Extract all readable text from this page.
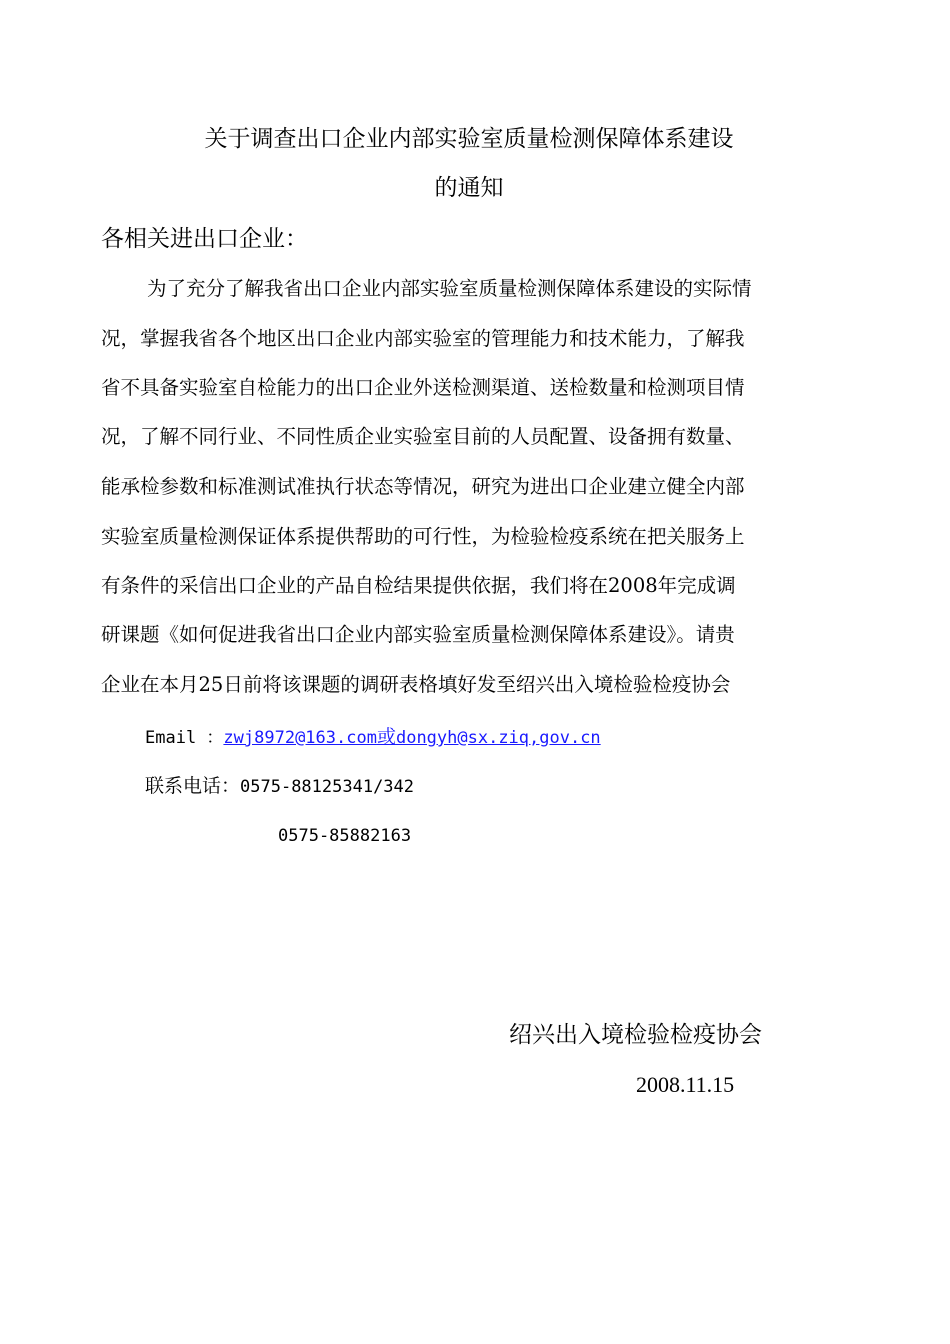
关于调查出口企业内部实验室质量检测保障体系建设
的通知
各相关进出口企业：
为了充分了解我省出口企业内部实验室质量检测保障体系建设的实际情
况，掌握我省各个地区出口企业内部实验室的管理能力和技术能力，了解我
省不具备实验室自检能力的出口企业外送检测渠道、送检数量和检测项目情
况，了解不同行业、不同性质企业实验室目前的人员配置、设备拥有数量、
能承检参数和标准测试准执行状态等情况，研究为进出口企业建立健全内部
实验室质量检测保证体系提供帮助的可行性，为检验检疫系统在把关服务上
有条件的采信出口企业的产品自检结果提供依据，我们将在2008年完成调
研课题《如何促进我省出口企业内部实验室质量检测保障体系建设》。请贵
企业在本月25日前将该课题的调研表格填好发至绍兴出入境检验检疫协会
Email ：zwj8972@163.com或dongyh@sx.ziq,gov.cn
联系电话：0575-88125341/342
0575-85882163
绍兴出入境检验检疫协会
2008.11.15
